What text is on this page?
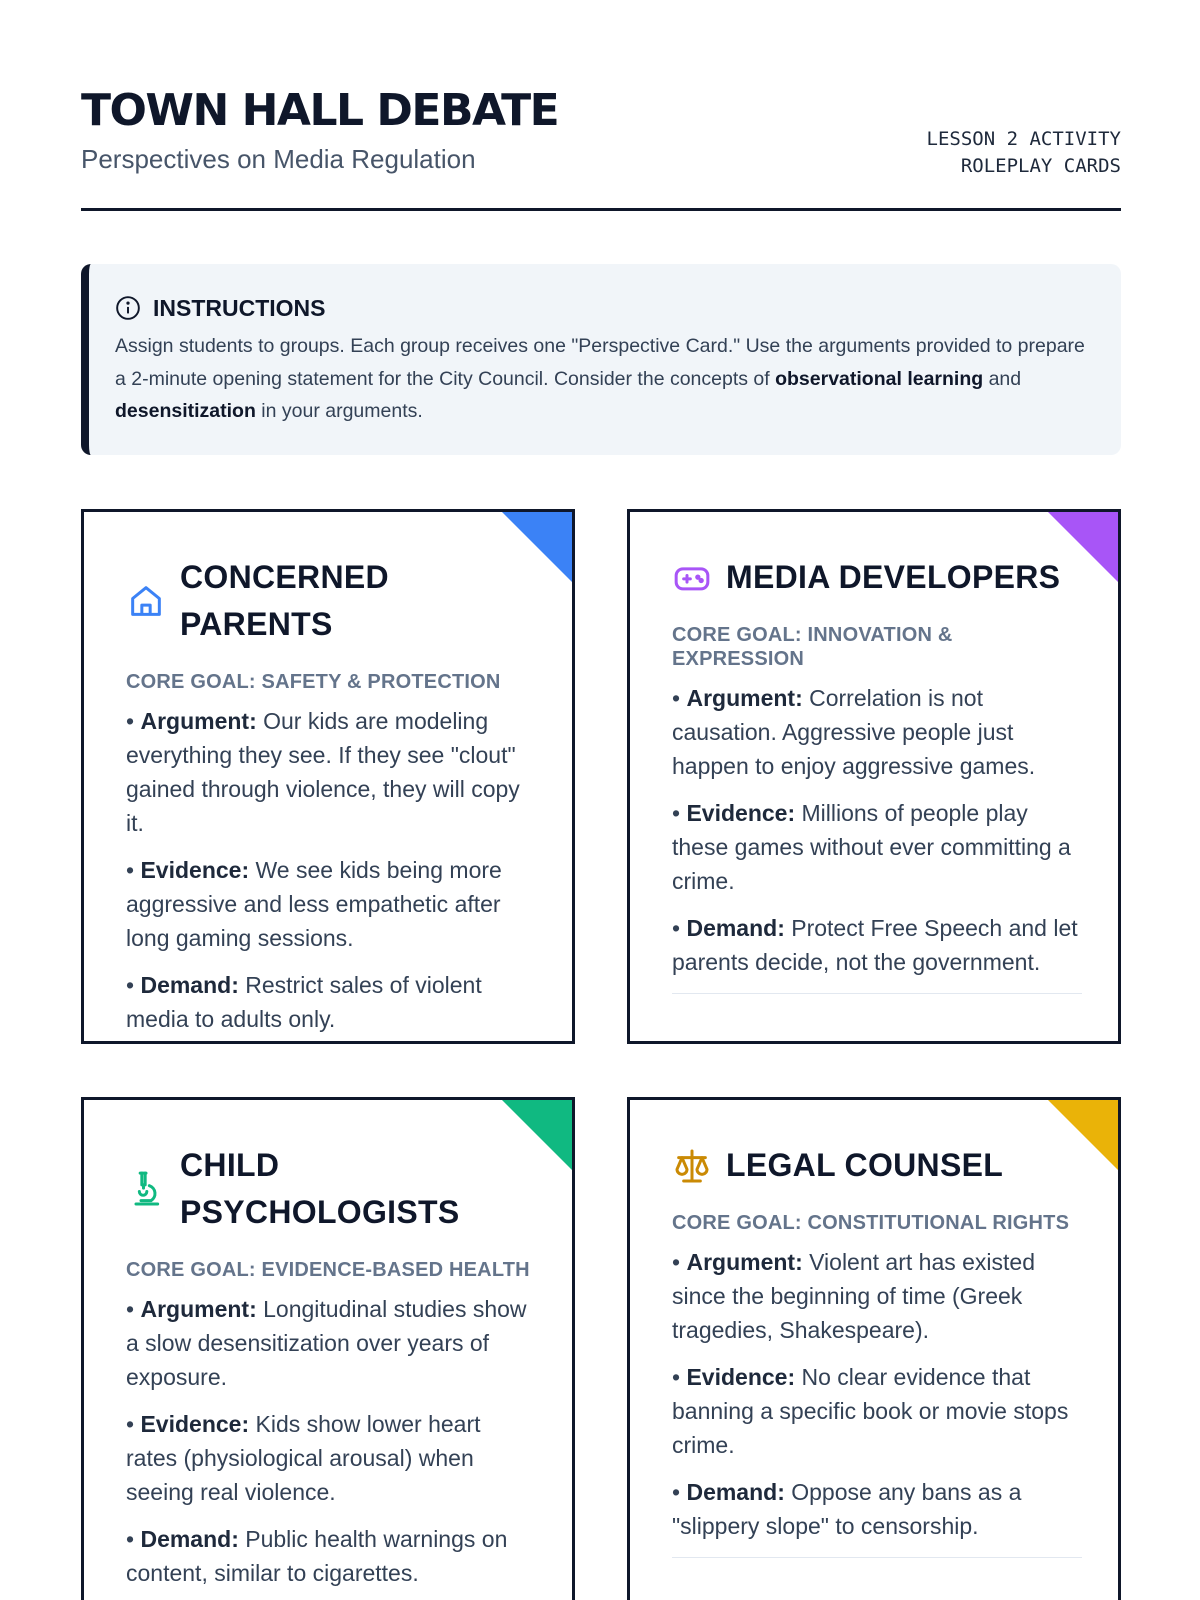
TOWN HALL DEBATE
Perspectives on Media Regulation
LESSON 2 ACTIVITY
ROLEPLAY CARDS
INSTRUCTIONS
Assign students to groups. Each group receives one "Perspective Card." Use the arguments provided to prepare a 2-minute opening statement for the City Council. Consider the concepts of observational learning and desensitization in your arguments.
CONCERNED PARENTS
CORE GOAL: SAFETY & PROTECTION
• Argument: Our kids are modeling everything they see. If they see "clout" gained through violence, they will copy it.
• Evidence: We see kids being more aggressive and less empathetic after long gaming sessions.
• Demand: Restrict sales of violent media to adults only.
MEDIA DEVELOPERS
CORE GOAL: INNOVATION & EXPRESSION
• Argument: Correlation is not causation. Aggressive people just happen to enjoy aggressive games.
• Evidence: Millions of people play these games without ever committing a crime.
• Demand: Protect Free Speech and let parents decide, not the government.
CHILD PSYCHOLOGISTS
CORE GOAL: EVIDENCE-BASED HEALTH
• Argument: Longitudinal studies show a slow desensitization over years of exposure.
• Evidence: Kids show lower heart rates (physiological arousal) when seeing real violence.
• Demand: Public health warnings on content, similar to cigarettes.
LEGAL COUNSEL
CORE GOAL: CONSTITUTIONAL RIGHTS
• Argument: Violent art has existed since the beginning of time (Greek tragedies, Shakespeare).
• Evidence: No clear evidence that banning a specific book or movie stops crime.
• Demand: Oppose any bans as a "slippery slope" to censorship.
